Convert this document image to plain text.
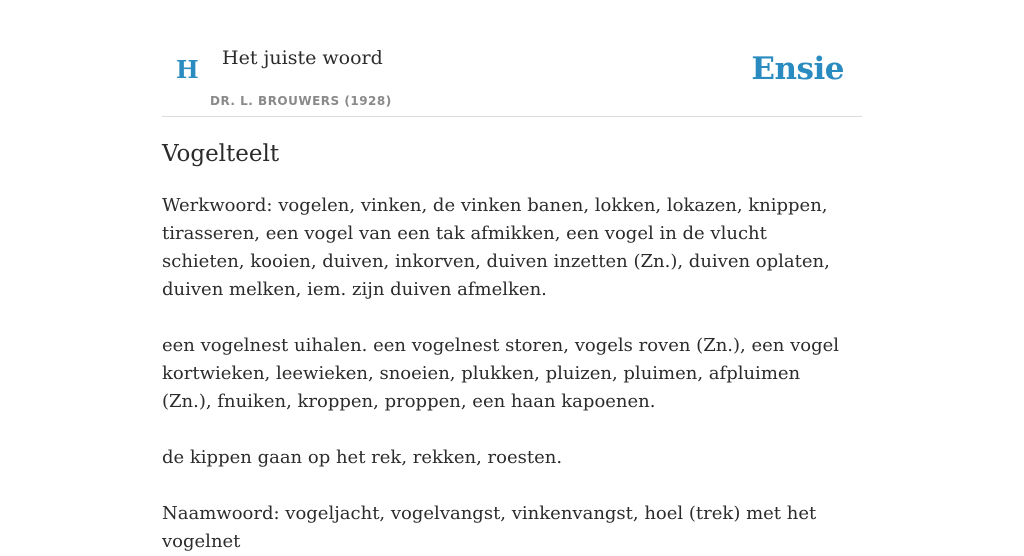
H Het juiste woord
DR. L. BROUWERS (1928)
Ensie
Vogelteelt

Werkwoord: vogelen, vinken, de vinken banen, lokken, lokazen, knippen, tirasseren, een vogel van een tak afmikken, een vogel in de vlucht schieten, kooien, duiven, inkorven, duiven inzetten (Zn.), duiven oplaten, duiven melken, iem. zijn duiven afmelken.

een vogelnest uihalen. een vogelnest storen, vogels roven (Zn.), een vogel kortwieken, leewieken, snoeien, plukken, pluizen, pluimen, afpluimen (Zn.), fnuiken, kroppen, proppen, een haan kapoenen.

de kippen gaan op het rek, rekken, roesten.

Naamwoord: vogeljacht, vogelvangst, vinkenvangst, hoel (trek) met het vogelnet
